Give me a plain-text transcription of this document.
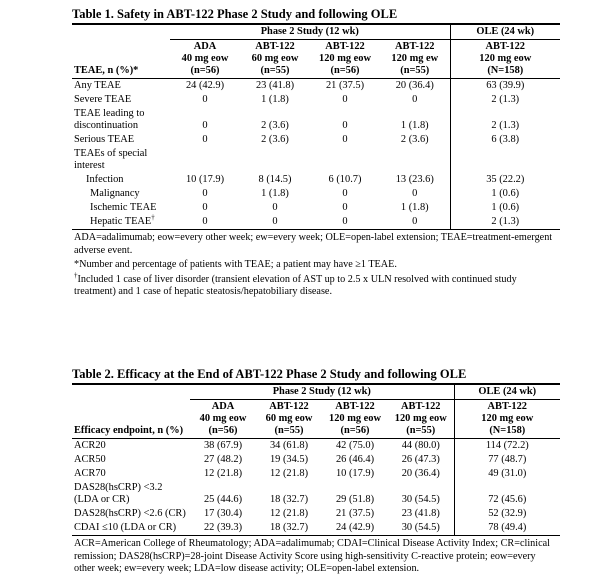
Table 1. Safety in ABT-122 Phase 2 Study and following OLE
	Phase 2 Study (12 wk)				OLE (24 wk)
TEAE, n (%)*	ADA
40 mg eow
(n=56)	ABT-122
60 mg eow
(n=55)	ABT-122
120 mg eow
(n=56)	ABT-122
120 mg ew
(n=55)	ABT-122
120 mg eow
(N=158)
Any TEAE	24 (42.9)	23 (41.8)	21 (37.5)	20 (36.4)	63 (39.9)
Severe TEAE	0	1 (1.8)	0	0	2 (1.3)
TEAE leading to
discontinuation	0	2 (3.6)	0	1 (1.8)	2 (1.3)
Serious TEAE	0	2 (3.6)	0	2 (3.6)	6 (3.8)
TEAEs of special
interest					
Infection	10 (17.9)	8 (14.5)	6 (10.7)	13 (23.6)	35 (22.2)
Malignancy	0	1 (1.8)	0	0	1 (0.6)
Ischemic TEAE	0	0	0	1 (1.8)	1 (0.6)
Hepatic TEAE†	0	0	0	0	2 (1.3)

ADA=adalimumab; eow=every other week; ew=every week; OLE=open-label extension; TEAE=treatment-emergent adverse event.

*Number and percentage of patients with TEAE; a patient may have ≥1 TEAE.

†Included 1 case of liver disorder (transient elevation of AST up to 2.5 x ULN resolved with continued study treatment) and 1 case of hepatic steatosis/hepatobiliary disease.

Table 2. Efficacy at the End of ABT-122 Phase 2 Study and following OLE
	Phase 2 Study (12 wk)				OLE (24 wk)
Efficacy endpoint, n (%)	ADA
40 mg eow
(n=56)	ABT-122
60 mg eow
(n=55)	ABT-122
120 mg eow
(n=56)	ABT-122
120 mg eow
(n=55)	ABT-122
120 mg eow
(N=158)
ACR20	38 (67.9)	34 (61.8)	42 (75.0)	44 (80.0)	114 (72.2)
ACR50	27 (48.2)	19 (34.5)	26 (46.4)	26 (47.3)	77 (48.7)
ACR70	12 (21.8)	12 (21.8)	10 (17.9)	20 (36.4)	49 (31.0)
DAS28(hsCRP) <3.2
(LDA or CR)	25 (44.6)	18 (32.7)	29 (51.8)	30 (54.5)	72 (45.6)
DAS28(hsCRP) <2.6 (CR)	17 (30.4)	12 (21.8)	21 (37.5)	23 (41.8)	52 (32.9)
CDAI ≤10 (LDA or CR)	22 (39.3)	18 (32.7)	24 (42.9)	30 (54.5)	78 (49.4)

ACR=American College of Rheumatology; ADA=adalimumab; CDAI=Clinical Disease Activity Index; CR=clinical remission; DAS28(hsCRP)=28-joint Disease Activity Score using high-sensitivity C-reactive protein; eow=every other week; ew=every week; LDA=low disease activity; OLE=open-label extension.
